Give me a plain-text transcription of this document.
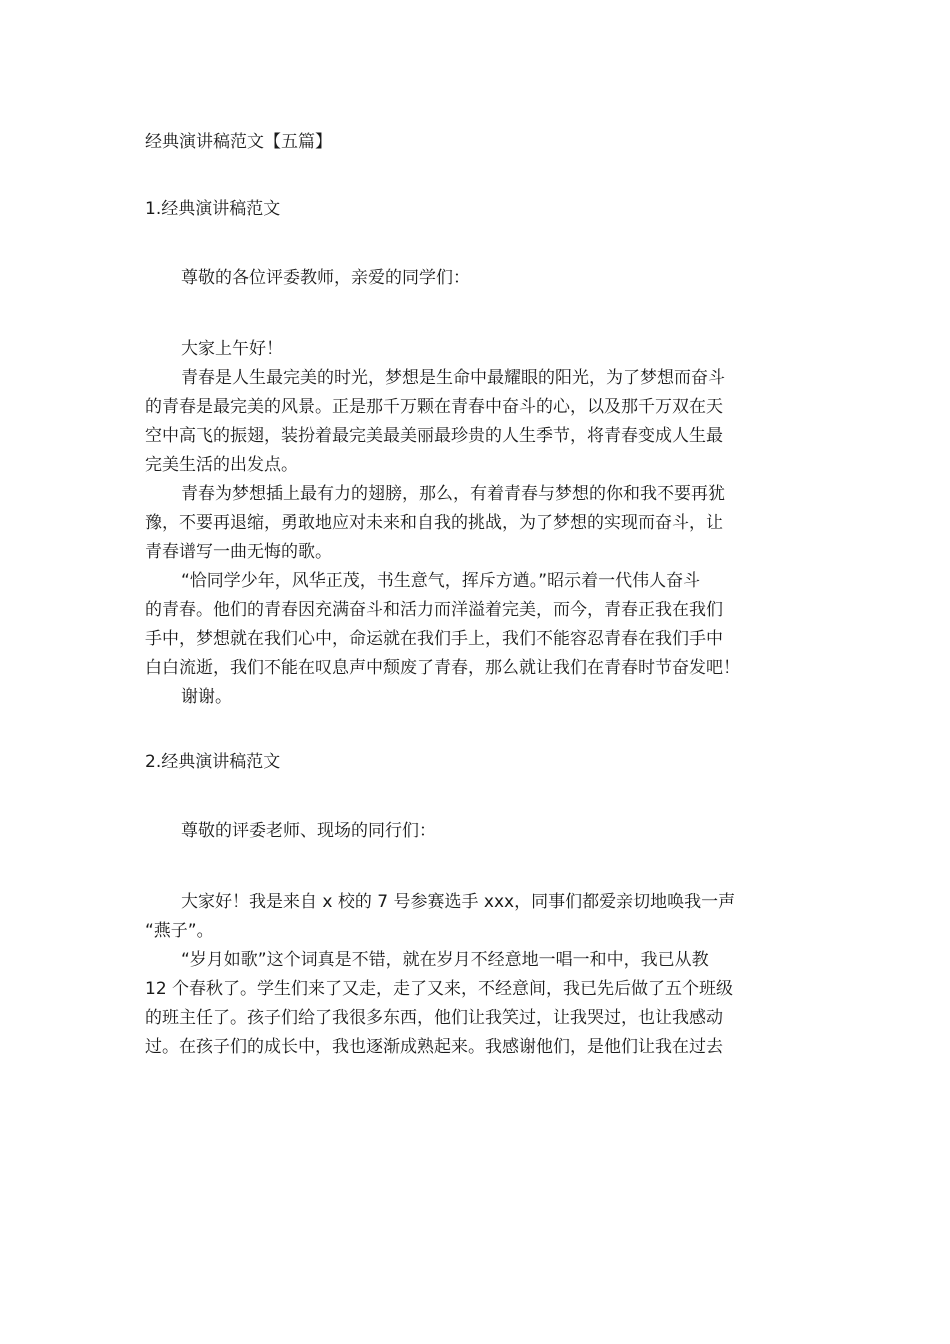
经典演讲稿范文【五篇】
1.经典演讲稿范文
尊敬的各位评委教师，亲爱的同学们：
大家上午好！
青春是人生最完美的时光，梦想是生命中最耀眼的阳光，为了梦想而奋斗
的青春是最完美的风景。正是那千万颗在青春中奋斗的心，以及那千万双在天
空中高飞的振翅，装扮着最完美最美丽最珍贵的人生季节，将青春变成人生最
完美生活的出发点。
青春为梦想插上最有力的翅膀，那么，有着青春与梦想的你和我不要再犹
豫，不要再退缩，勇敢地应对未来和自我的挑战，为了梦想的实现而奋斗，让
青春谱写一曲无悔的歌。
“恰同学少年，风华正茂，书生意气，挥斥方遒。”昭示着一代伟人奋斗
的青春。他们的青春因充满奋斗和活力而洋溢着完美，而今，青春正我在我们
手中，梦想就在我们心中，命运就在我们手上，我们不能容忍青春在我们手中
白白流逝，我们不能在叹息声中颓废了青春，那么就让我们在青春时节奋发吧！
谢谢。
2.经典演讲稿范文
尊敬的评委老师、现场的同行们：
大家好！我是来自 x 校的 7 号参赛选手 xxx，同事们都爱亲切地唤我一声
“燕子”。
“岁月如歌”这个词真是不错，就在岁月不经意地一唱一和中，我已从教
12 个春秋了。学生们来了又走，走了又来，不经意间，我已先后做了五个班级
的班主任了。孩子们给了我很多东西，他们让我笑过，让我哭过，也让我感动
过。在孩子们的成长中，我也逐渐成熟起来。我感谢他们，是他们让我在过去
